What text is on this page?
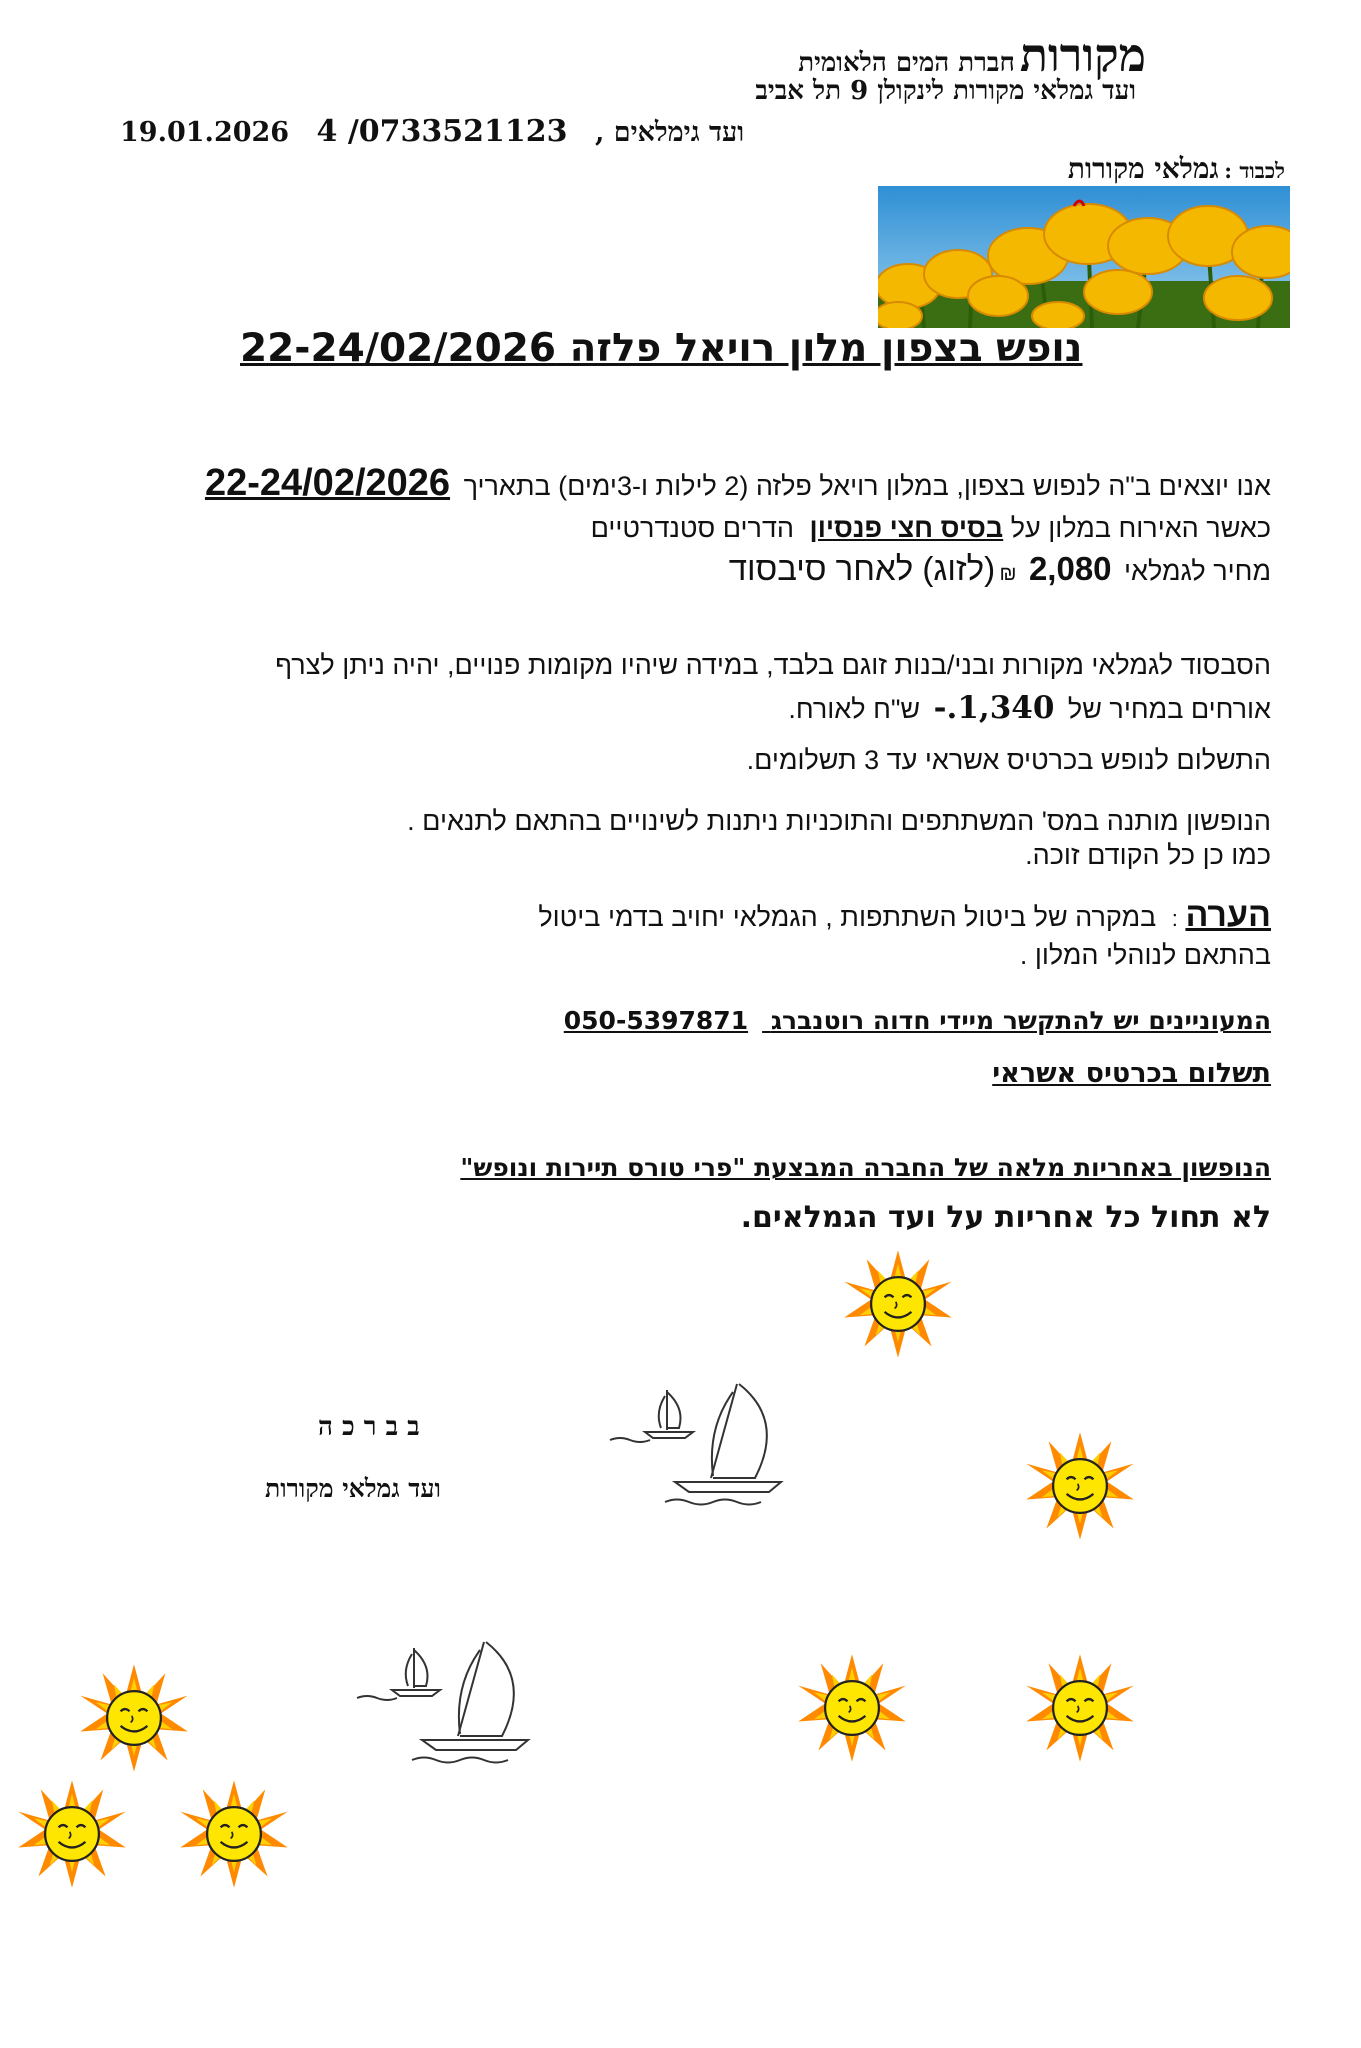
מקורות חברת המים הלאומית
ועד גמלאי מקורות לינקולן 9 תל אביב
ועד גימלאים , 0733521123/ 4 19.01.2026
לכבוד : גמלאי מקורות
נופש בצפון מלון רויאל פלזה 22-24/02/2026
אנו יוצאים ב"ה לנפוש בצפון, במלון רויאל פלזה (2 לילות ו-3ימים) בתאריך 22-24/02/2026
כאשר האירוח במלון על בסיס חצי פנסיון הדרים סטנדרטיים
מחיר לגמלאי 2,080 ₪ (לזוג) לאחר סיבסוד
הסבסוד לגמלאי מקורות ובני/בנות זוגם בלבד, במידה שיהיו מקומות פנויים, יהיה ניתן לצרף
אורחים במחיר של 1,340.- ש"ח לאורח.
התשלום לנופש בכרטיס אשראי עד 3 תשלומים.
הנופשון מותנה במס' המשתתפים והתוכניות ניתנות לשינויים בהתאם לתנאים .
כמו כן כל הקודם זוכה.
הערה : במקרה של ביטול השתתפות , הגמלאי יחויב בדמי ביטול
בהתאם לנוהלי המלון .
המעוניינים יש להתקשר מיידי חדוה רוטנברג 050-5397871
תשלום בכרטיס אשראי
הנופשון באחריות מלאה של החברה המבצעת "פרי טורס תיירות ונופש"
לא תחול כל אחריות על ועד הגמלאים.
ב ב ר כ ה
ועד גמלאי מקורות
